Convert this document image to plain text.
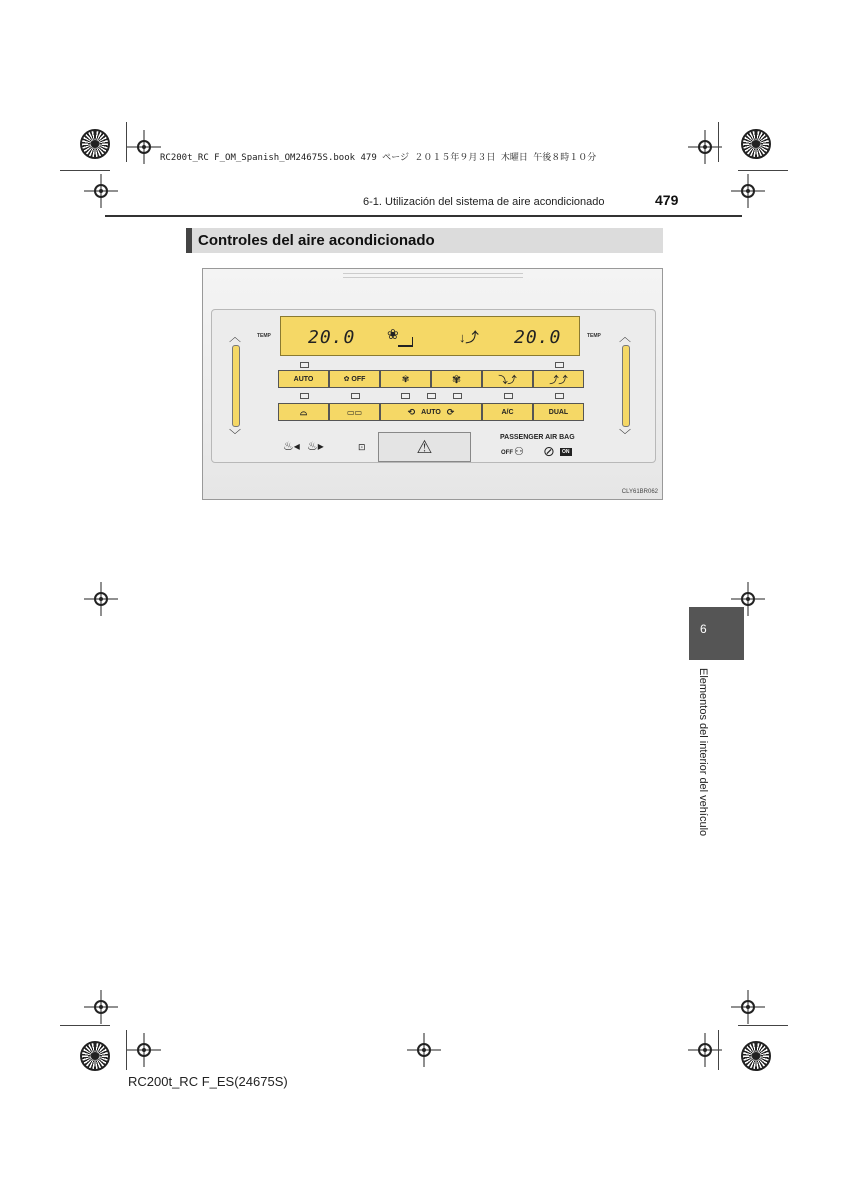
RC200t_RC F_OM_Spanish_OM24675S.book 479 ページ ２０１５年９月３日 木曜日 午後８時１０分
6-1. Utilización del sistema de aire acondicionado	479
Controles del aire acondicionado
TEMP	TEMP
︿
﹀
︿
﹀
20.0 ❀	↓⤴ 20.0
AUTO	✿ OFF	✾	✾	⤵⤴	⤴⤴
⌓	▭▭	⟲ AUTO ⟳	A/C	DUAL
♨◂ ♨▸	⊡	⚠	PASSENGER AIR BAG
OFF ⚇ ⊘	ON
CLY61BR062
6
Elementos del interior del vehículo
RC200t_RC F_ES(24675S)
